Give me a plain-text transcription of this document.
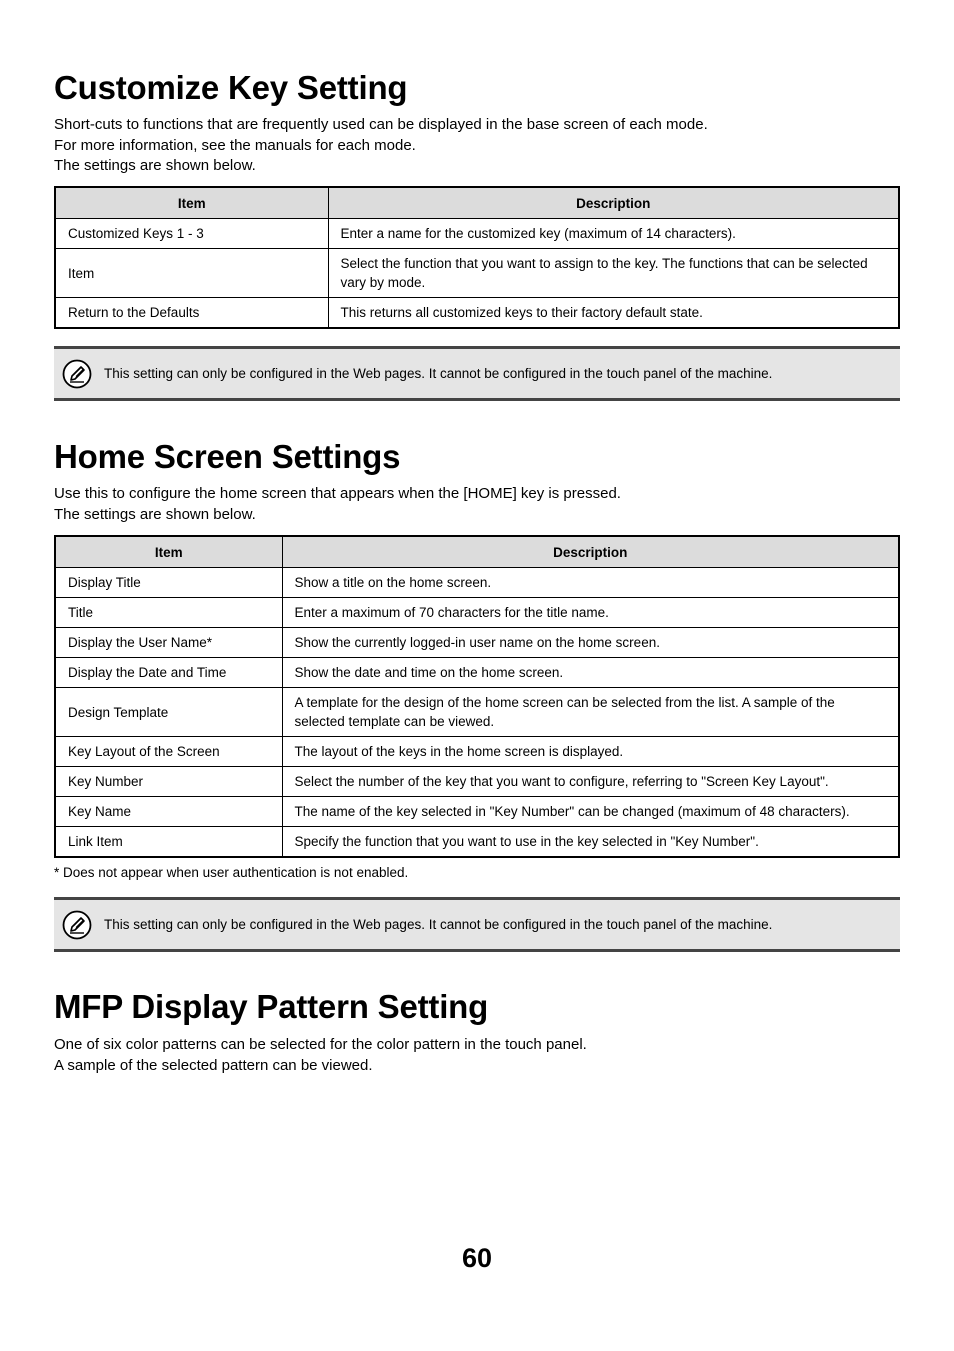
Customize Key Setting

Short-cuts to functions that are frequently used can be displayed in the base screen of each mode.

For more information, see the manuals for each mode.

The settings are shown below.

Item	Description
Customized Keys 1 - 3	Enter a name for the customized key (maximum of 14 characters).
Item	Select the function that you want to assign to the key. The functions that can be selected vary by mode.
Return to the Defaults	This returns all customized keys to their factory default state.
This setting can only be configured in the Web pages. It cannot be configured in the touch panel of the machine.
Home Screen Settings

Use this to configure the home screen that appears when the [HOME] key is pressed.

The settings are shown below.

Item	Description
Display Title	Show a title on the home screen.
Title	Enter a maximum of 70 characters for the title name.
Display the User Name*	Show the currently logged-in user name on the home screen.
Display the Date and Time	Show the date and time on the home screen.
Design Template	A template for the design of the home screen can be selected from the list. A sample of the selected template can be viewed.
Key Layout of the Screen	The layout of the keys in the home screen is displayed.
Key Number	Select the number of the key that you want to configure, referring to "Screen Key Layout".
Key Name	The name of the key selected in "Key Number" can be changed (maximum of 48 characters).
Link Item	Specify the function that you want to use in the key selected in "Key Number".
* Does not appear when user authentication is not enabled.
This setting can only be configured in the Web pages. It cannot be configured in the touch panel of the machine.
MFP Display Pattern Setting

One of six color patterns can be selected for the color pattern in the touch panel.

A sample of the selected pattern can be viewed.

60
